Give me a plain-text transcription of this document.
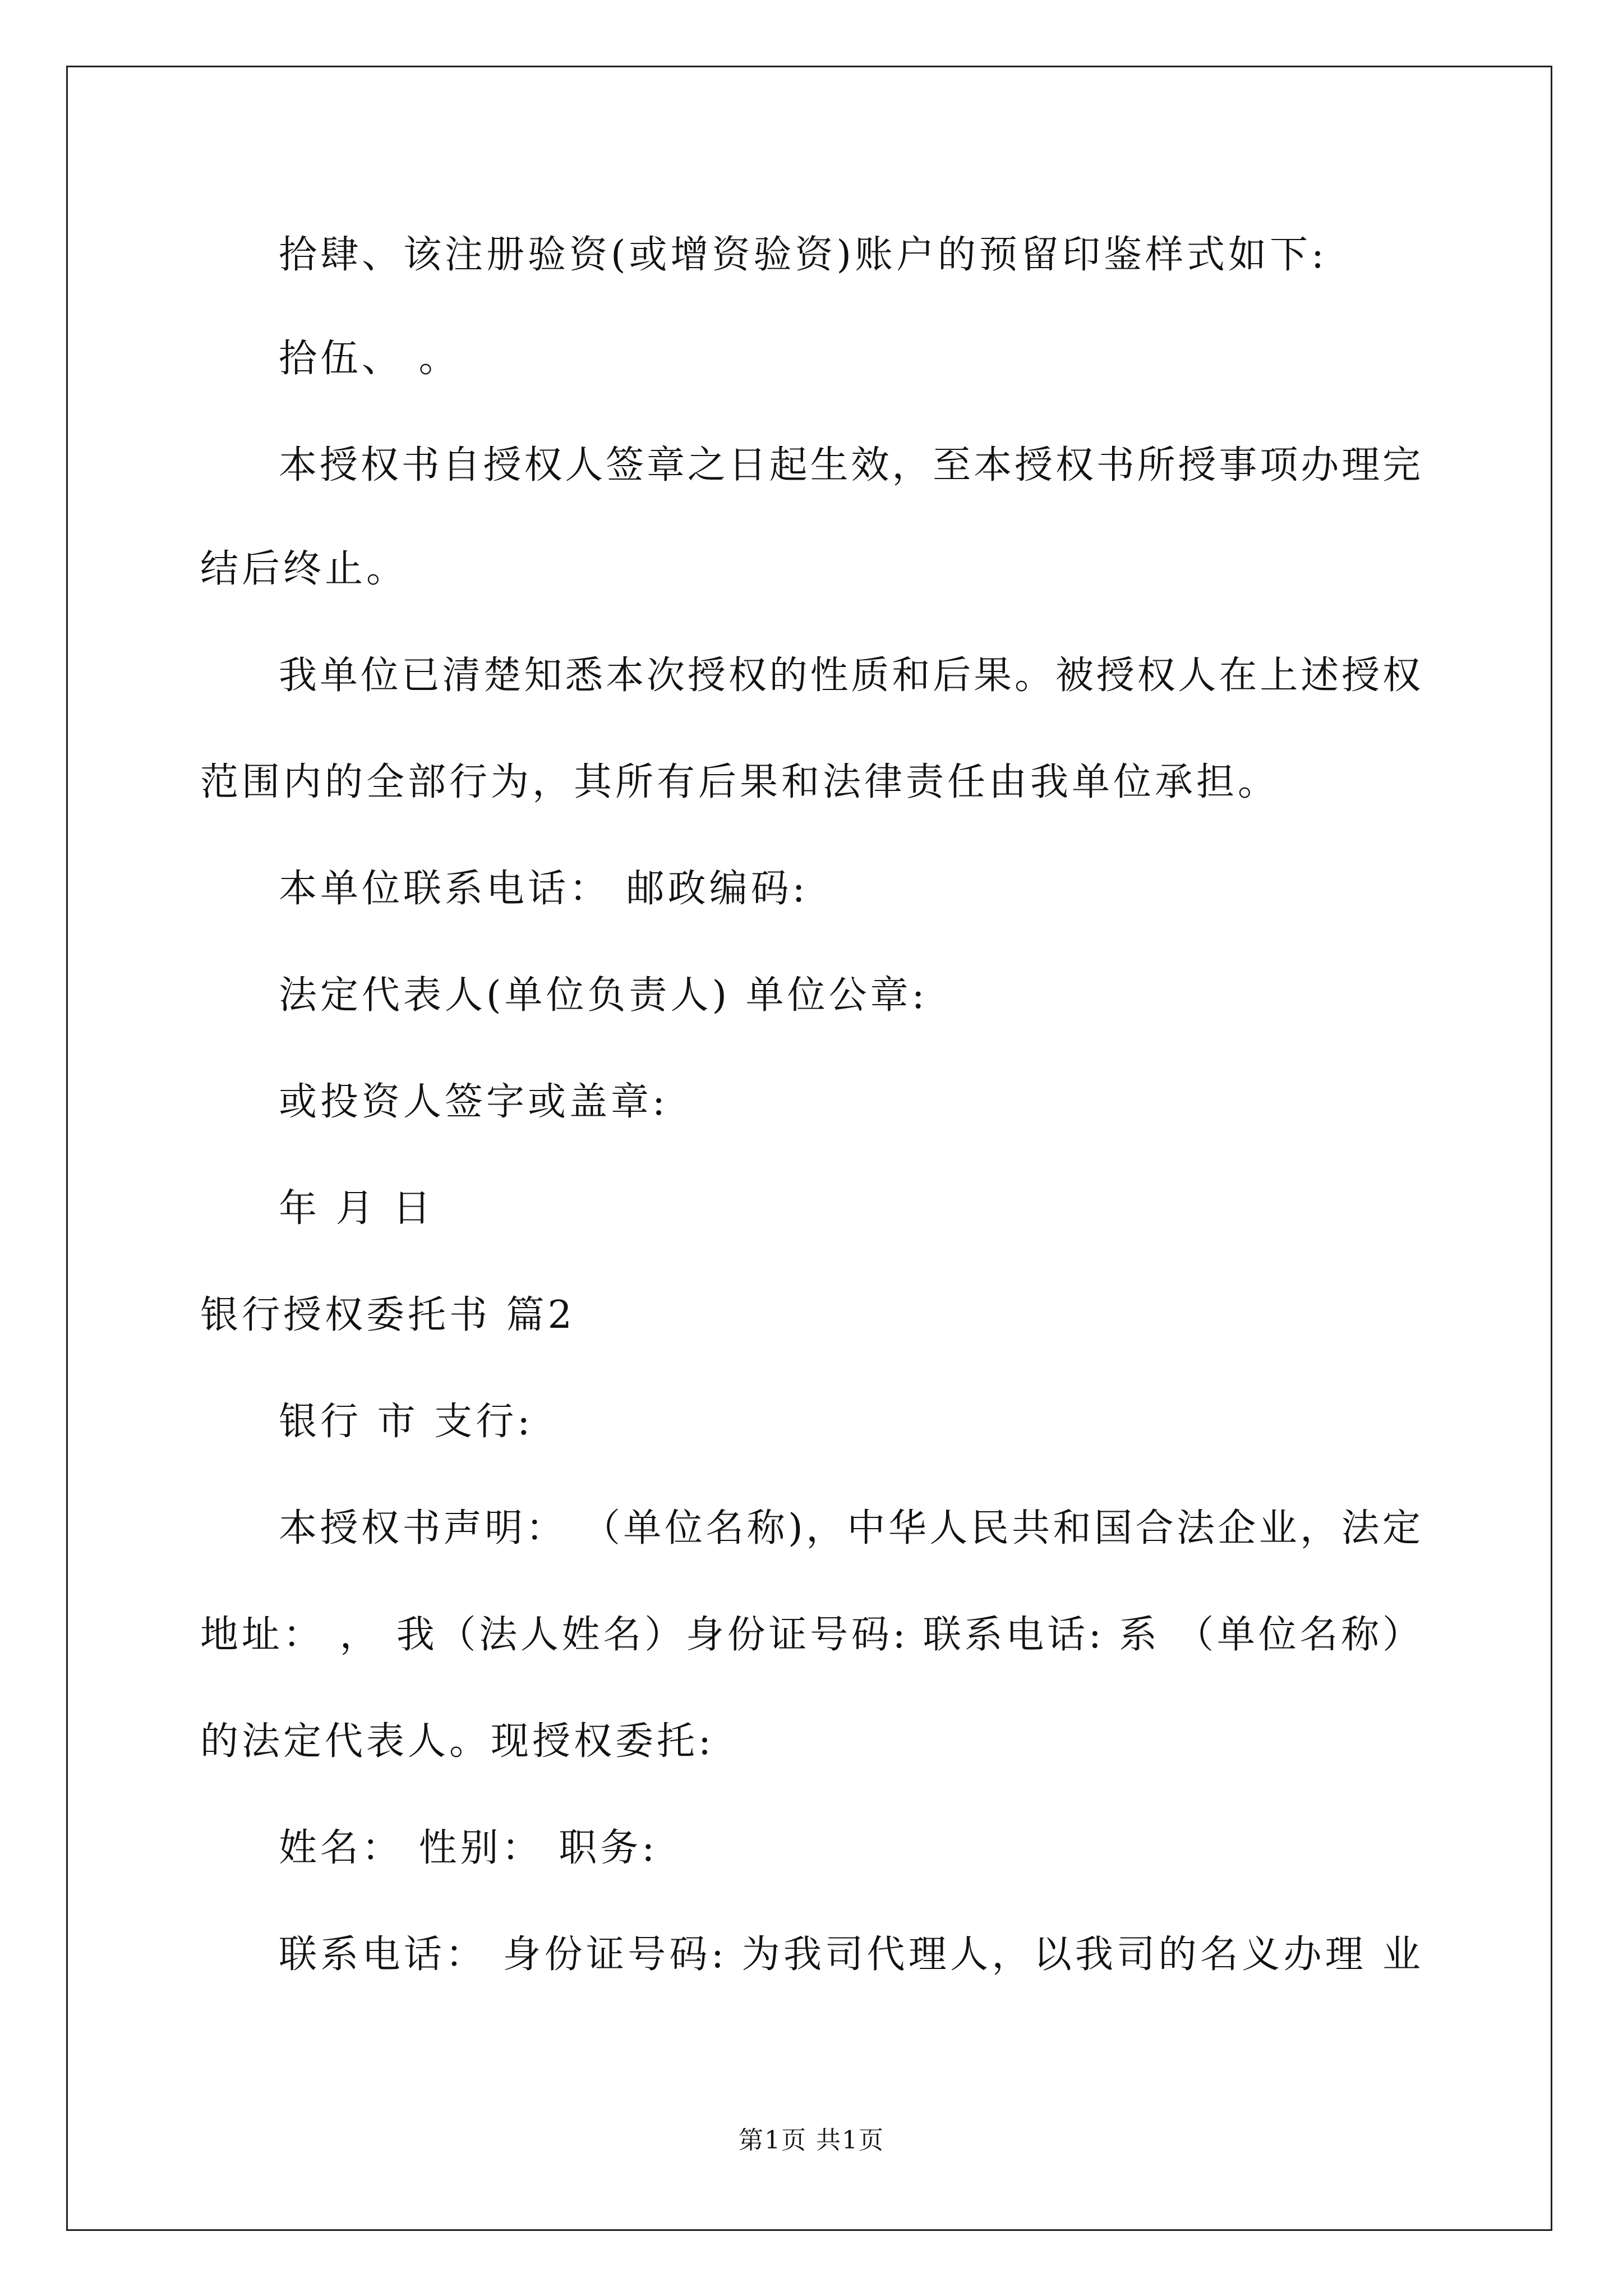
拾肆、该注册验资(或增资验资)账户的预留印鉴样式如下:
拾伍、 。
本授权书自授权人签章之日起生效，至本授权书所授事项办理完
结后终止。
我单位已清楚知悉本次授权的性质和后果。被授权人在上述授权
范围内的全部行为，其所有后果和法律责任由我单位承担。
本单位联系电话： 邮政编码:
法定代表人(单位负责人) 单位公章:
或投资人签字或盖章:
年 月 日
银行授权委托书 篇2
银行 市 支行:
本授权书声明： （单位名称)，中华人民共和国合法企业，法定
地址： ， 我（法人姓名）身份证号码: 联系电话: 系 （单位名称）
的法定代表人。现授权委托:
姓名： 性别： 职务:
联系电话： 身份证号码: 为我司代理人，以我司的名义办理 业
第1页 共1页
